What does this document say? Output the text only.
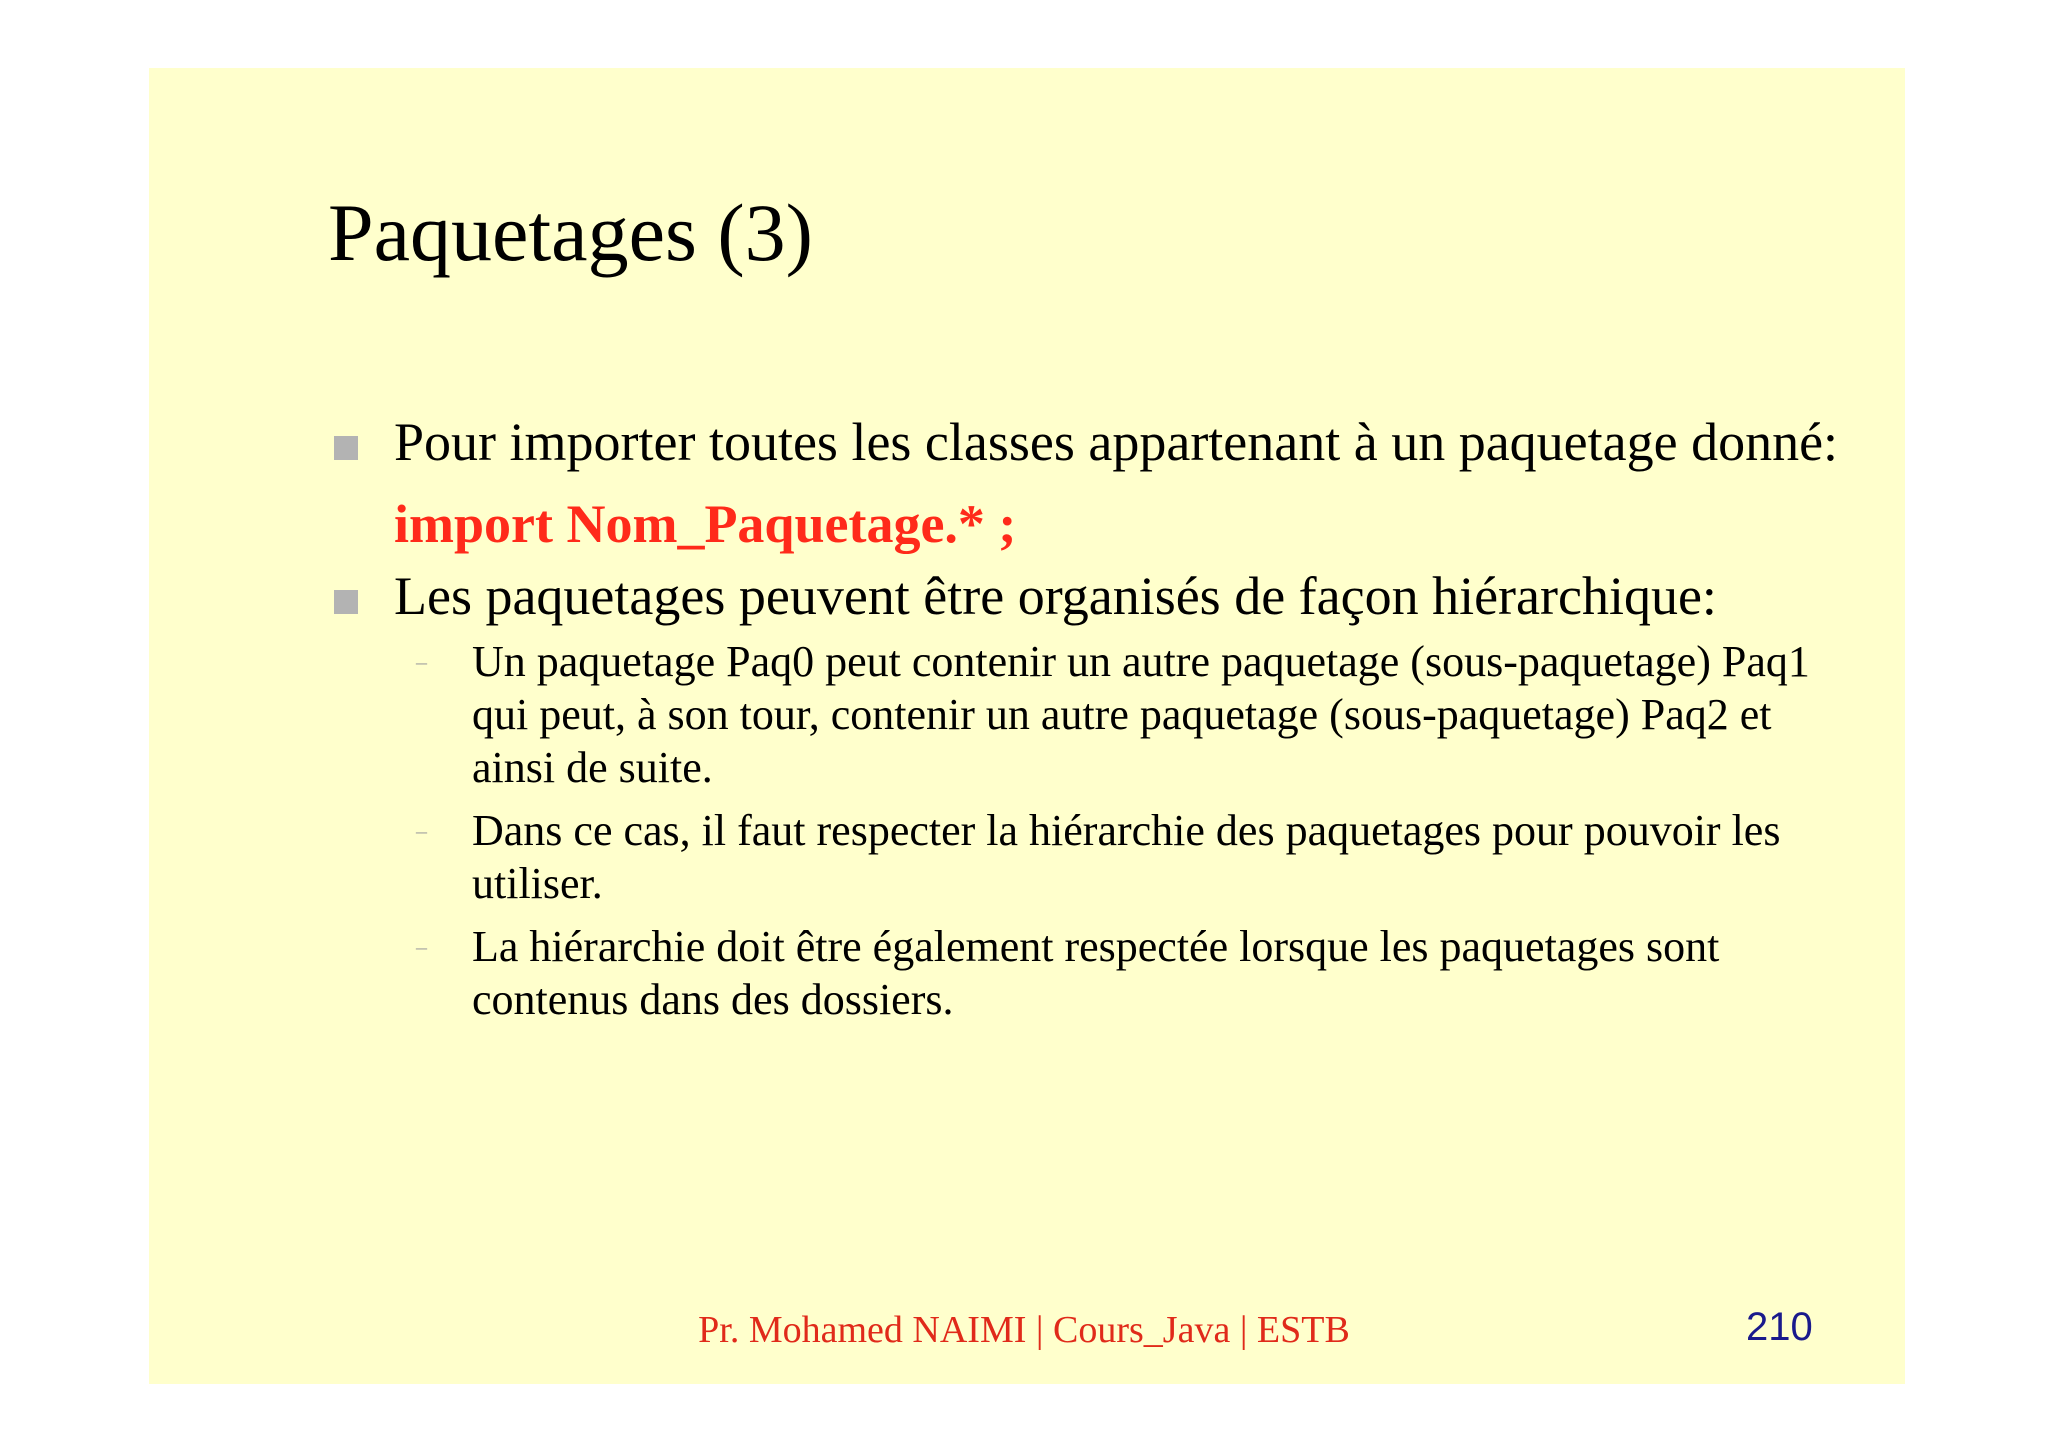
Paquetages (3)

Pour importer toutes les classes appartenant à un paquetage donné:

import Nom_Paquetage.* ;

Les paquetages peuvent être organisés de façon hiérarchique:

– Un paquetage Paq0 peut contenir un autre paquetage (sous-paquetage) Paq1 qui peut, à son tour, contenir un autre paquetage (sous-paquetage) Paq2 et ainsi de suite.

– Dans ce cas, il faut respecter la hiérarchie des paquetages pour pouvoir les utiliser.

– La hiérarchie doit être également respectée lorsque les paquetages sont contenus dans des dossiers.

Pr. Mohamed NAIMI | Cours_Java | ESTB	210
